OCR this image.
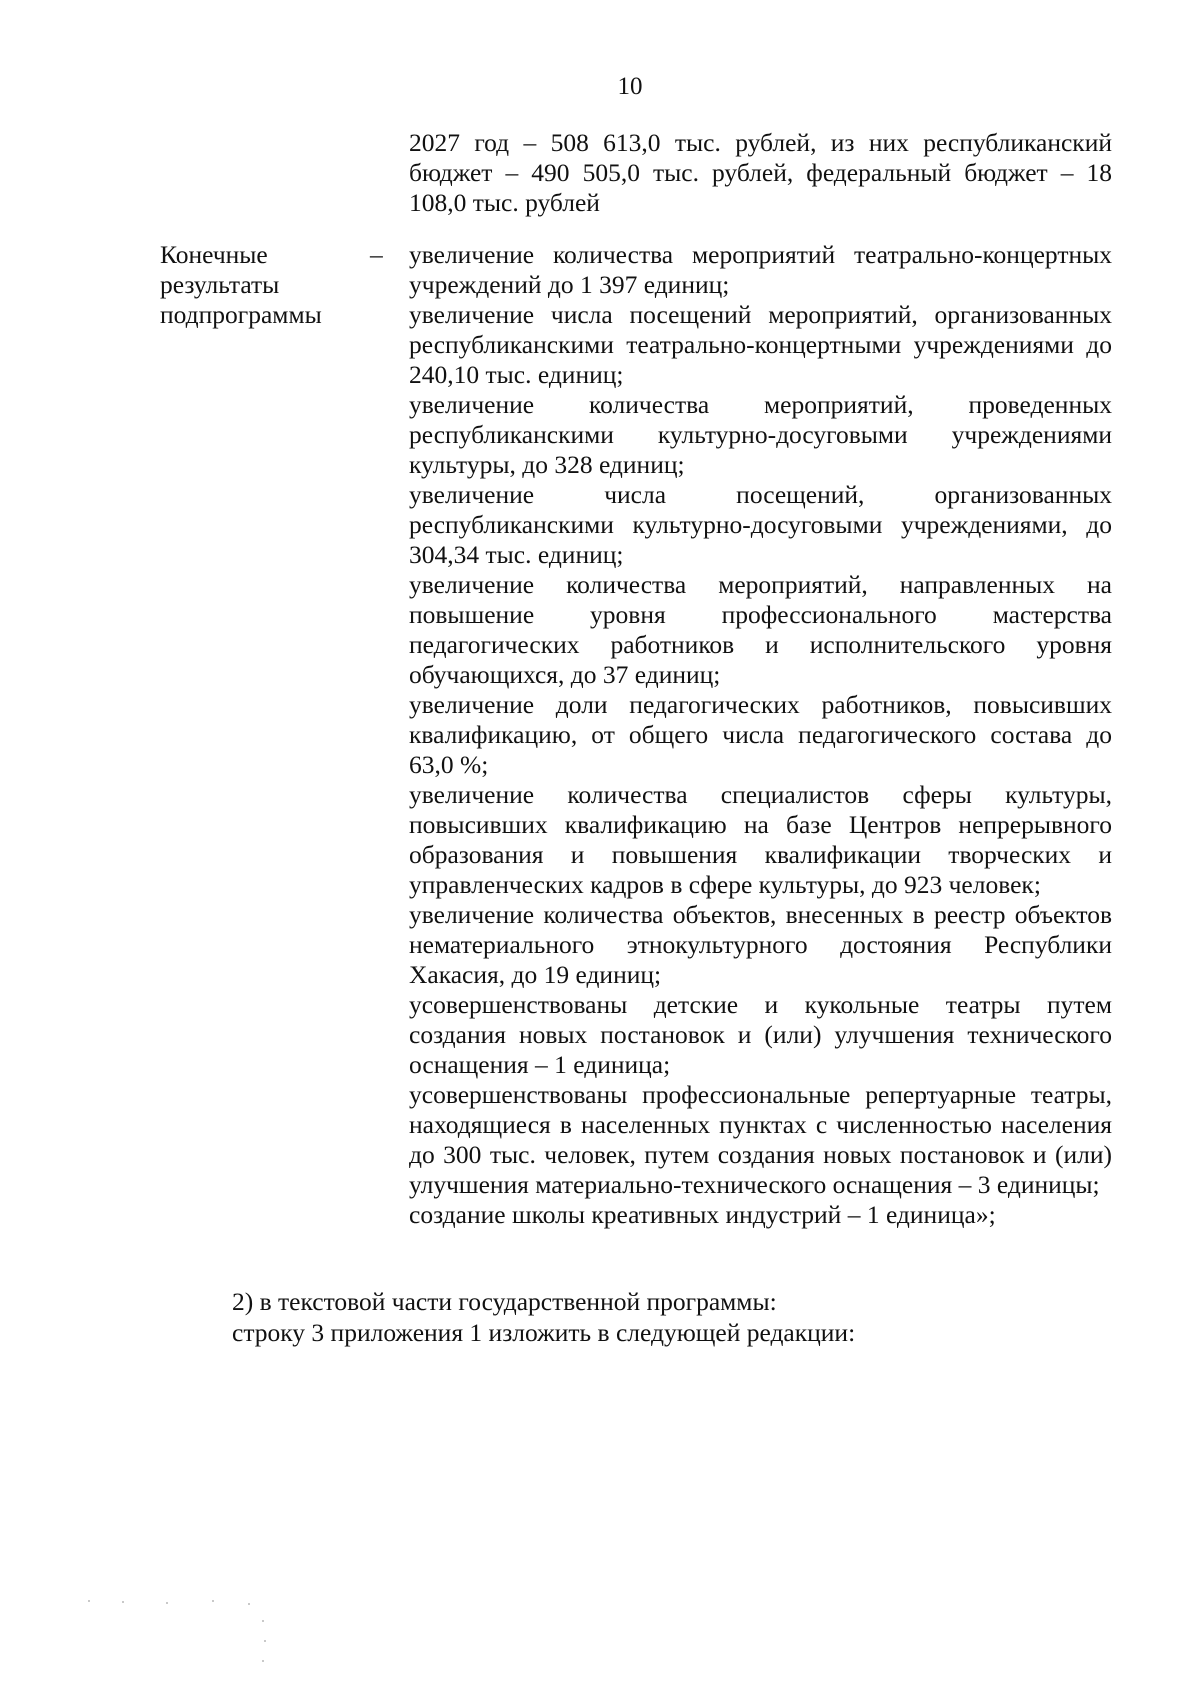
10
2027 год – 508 613,0 тыс. рублей, из них республиканский бюджет – 490 505,0 тыс. рублей, федеральный бюджет – 18 108,0 тыс. рублей
Конечные
результаты
подпрограммы
– увеличение количества мероприятий театрально-концертных учреждений до 1 397 единиц;
увеличение числа посещений мероприятий, организованных республиканскими театрально-концертными учреждениями до 240,10 тыс. единиц;
увеличение количества мероприятий, проведенных республиканскими культурно-досуговыми учреждениями культуры, до 328 единиц;
увеличение числа посещений, организованных республиканскими культурно-досуговыми учреждениями, до 304,34 тыс. единиц;
увеличение количества мероприятий, направленных на повышение уровня профессионального мастерства педагогических работников и исполнительского уровня обучающихся, до 37 единиц;
увеличение доли педагогических работников, повысивших квалификацию, от общего числа педагогического состава до 63,0 %;
увеличение количества специалистов сферы культуры, повысивших квалификацию на базе Центров непрерывного образования и повышения квалификации творческих и управленческих кадров в сфере культуры, до 923 человек;
увеличение количества объектов, внесенных в реестр объектов нематериального этнокультурного достояния Республики Хакасия, до 19 единиц;
усовершенствованы детские и кукольные театры путем создания новых постановок и (или) улучшения технического оснащения – 1 единица;
усовершенствованы профессиональные репертуарные театры, находящиеся в населенных пунктах с численностью населения до 300 тыс. человек, путем создания новых постановок и (или) улучшения материально-технического оснащения – 3 единицы;
создание школы креативных индустрий – 1 единица»;
2) в текстовой части государственной программы:
строку 3 приложения 1 изложить в следующей редакции:
